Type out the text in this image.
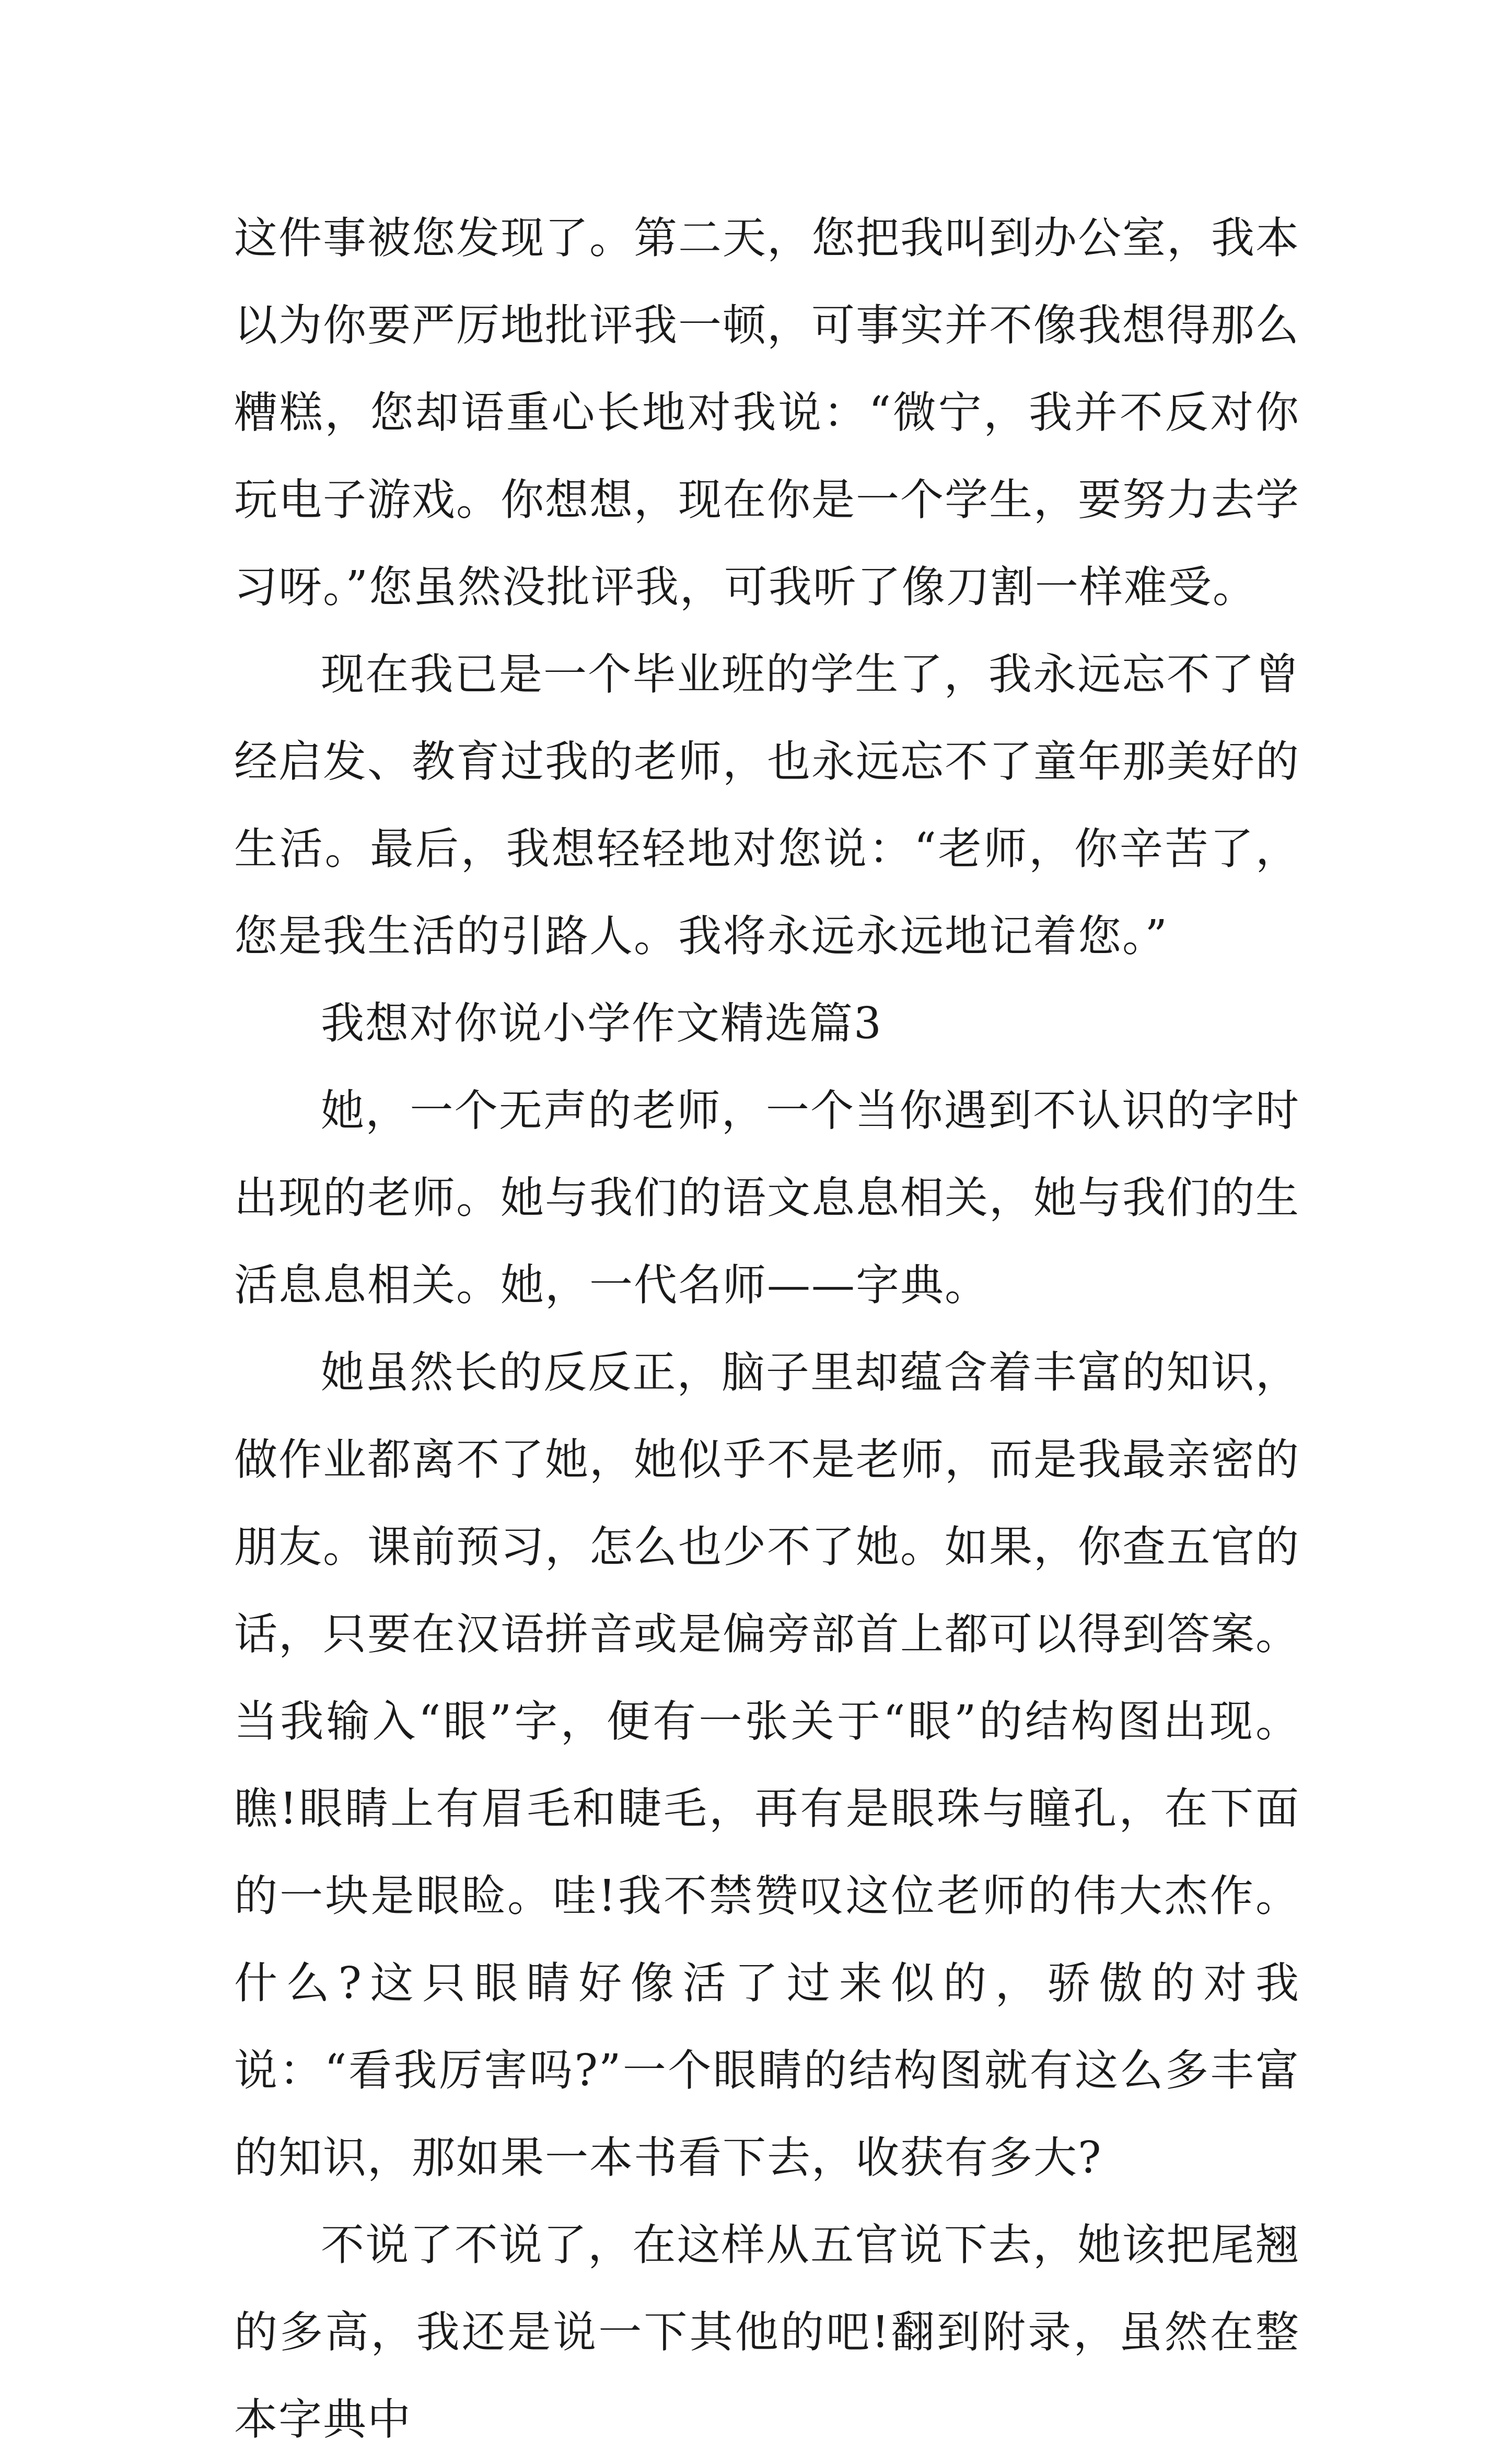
这件事被您发现了。第二天，您把我叫到办公室，我本以为你要严厉地批评我一顿，可事实并不像我想得那么糟糕，您却语重心长地对我说：“微宁，我并不反对你玩电子游戏。你想想，现在你是一个学生，要努力去学习呀。”您虽然没批评我，可我听了像刀割一样难受。

现在我已是一个毕业班的学生了，我永远忘不了曾经启发、教育过我的老师，也永远忘不了童年那美好的生活。最后，我想轻轻地对您说：“老师，你辛苦了，您是我生活的引路人。我将永远永远地记着您。”

我想对你说小学作文精选篇3

她，一个无声的老师，一个当你遇到不认识的字时出现的老师。她与我们的语文息息相关，她与我们的生活息息相关。她，一代名师——字典。

她虽然长的反反正，脑子里却蕴含着丰富的知识，做作业都离不了她，她似乎不是老师，而是我最亲密的朋友。课前预习，怎么也少不了她。如果，你查五官的话，只要在汉语拼音或是偏旁部首上都可以得到答案。当我输入“眼”字，便有一张关于“眼”的结构图出现。瞧!眼睛上有眉毛和睫毛，再有是眼珠与瞳孔，在下面的一块是眼睑。哇!我不禁赞叹这位老师的伟大杰作。什么?这只眼睛好像活了过来似的，骄傲的对我说：“看我厉害吗?”一个眼睛的结构图就有这么多丰富的知识，那如果一本书看下去，收获有多大?

不说了不说了，在这样从五官说下去，她该把尾翘的多高，我还是说一下其他的吧!翻到附录，虽然在整本字典中
